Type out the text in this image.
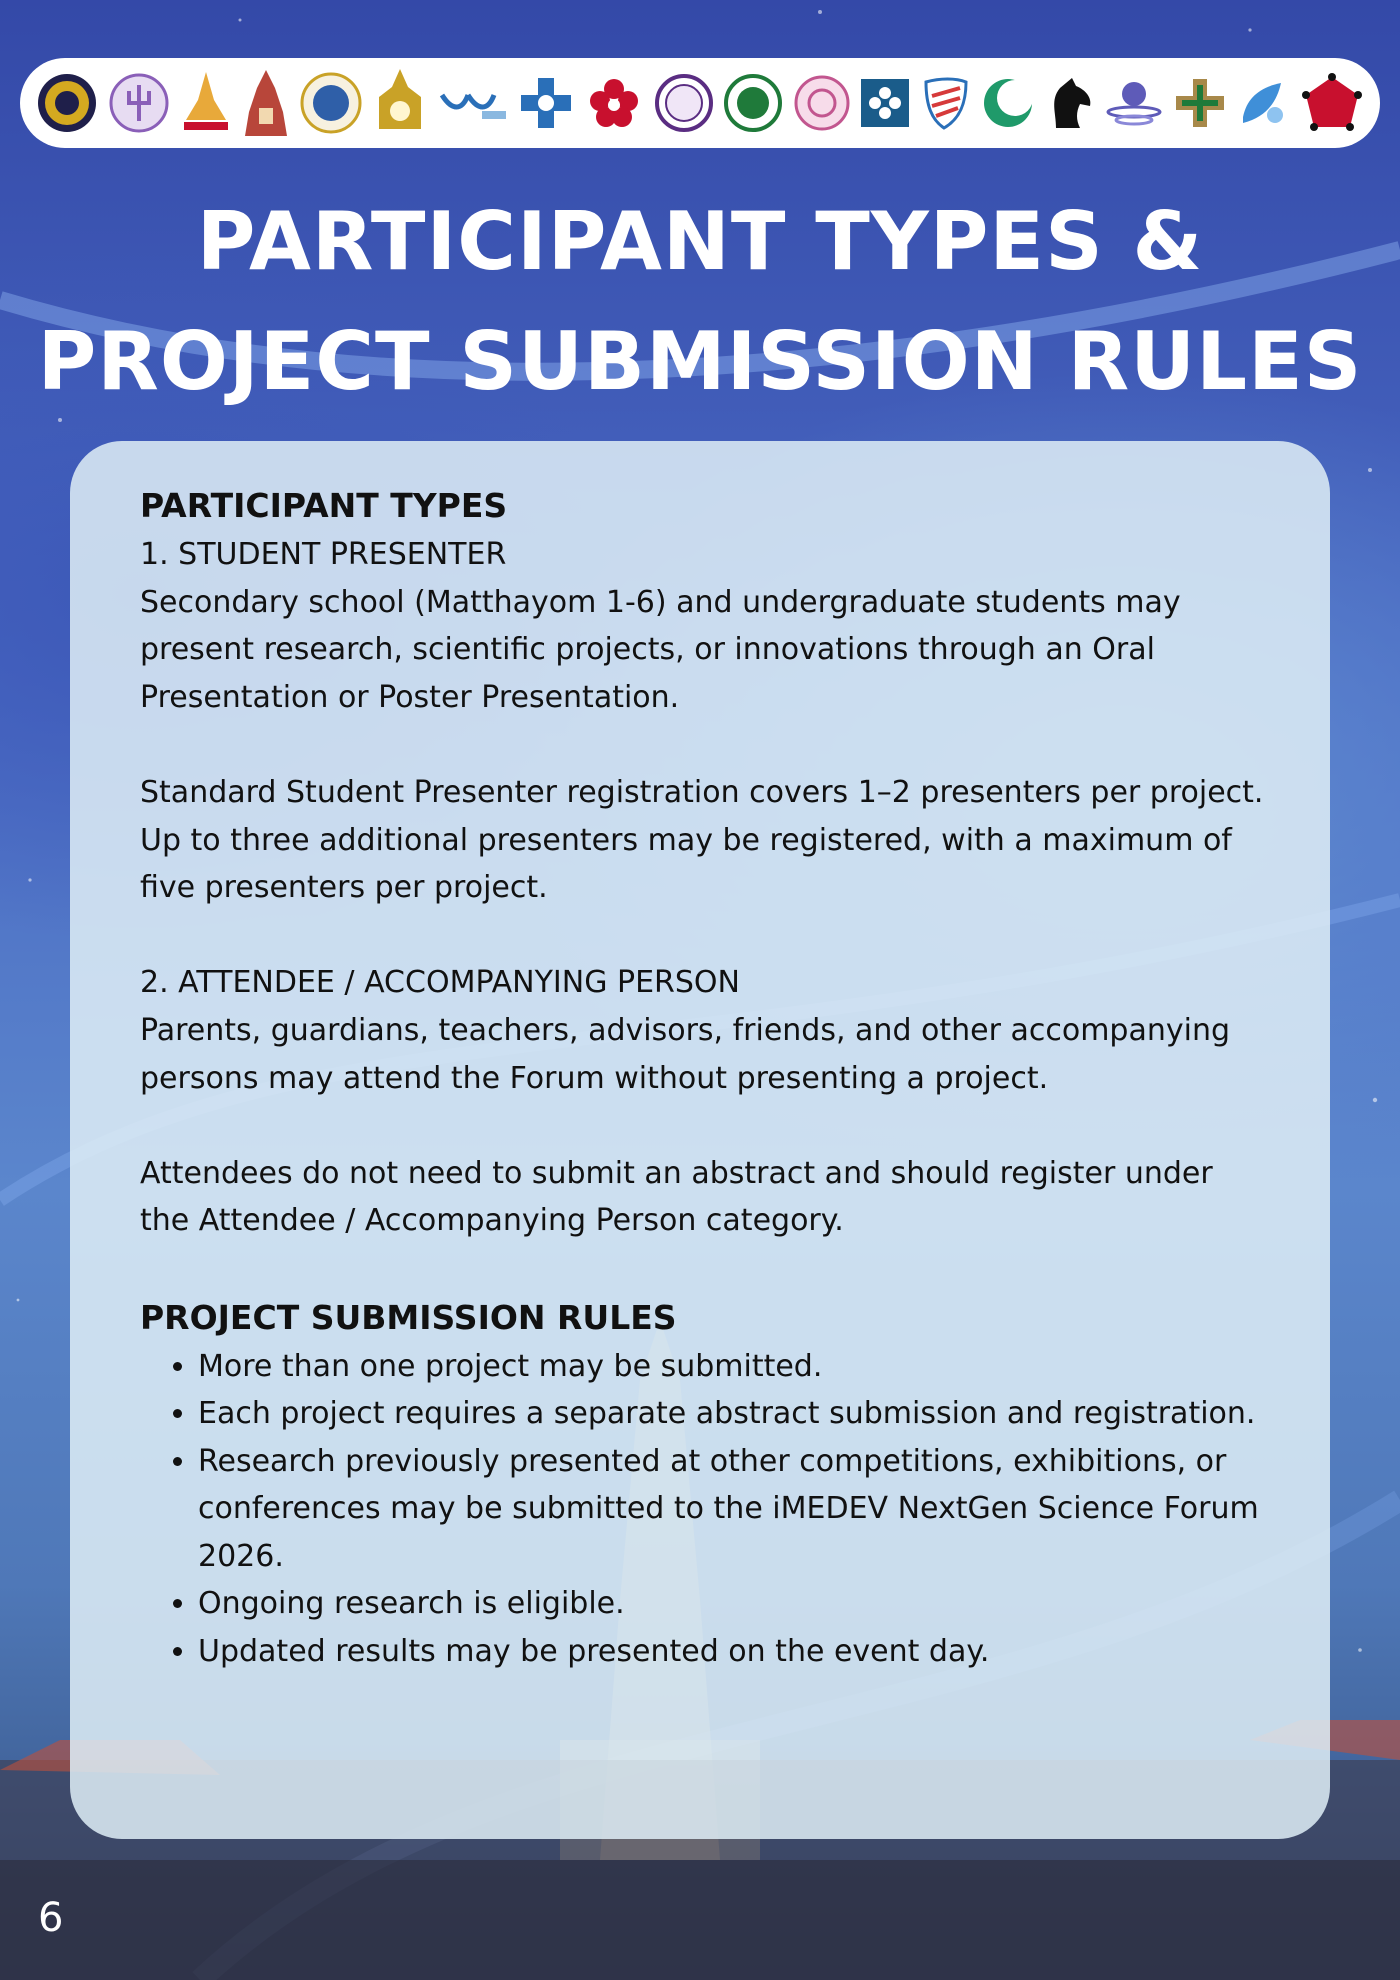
PARTICIPANT TYPES &
PROJECT SUBMISSION RULES

PARTICIPANT TYPES

1. STUDENT PRESENTER

Secondary school (Matthayom 1-6) and undergraduate students may present research, scientific projects, or innovations through an Oral Presentation or Poster Presentation.

Standard Student Presenter registration covers 1–2 presenters per project. Up to three additional presenters may be registered, with a maximum of five presenters per project.

2. ATTENDEE / ACCOMPANYING PERSON

Parents, guardians, teachers, advisors, friends, and other accompanying persons may attend the Forum without presenting a project.

Attendees do not need to submit an abstract and should register under the Attendee / Accompanying Person category.

PROJECT SUBMISSION RULES

• More than one project may be submitted.
• Each project requires a separate abstract submission and registration.
• Research previously presented at other competitions, exhibitions, or conferences may be submitted to the iMEDEV NextGen Science Forum 2026.
• Ongoing research is eligible.
• Updated results may be presented on the event day.
6
